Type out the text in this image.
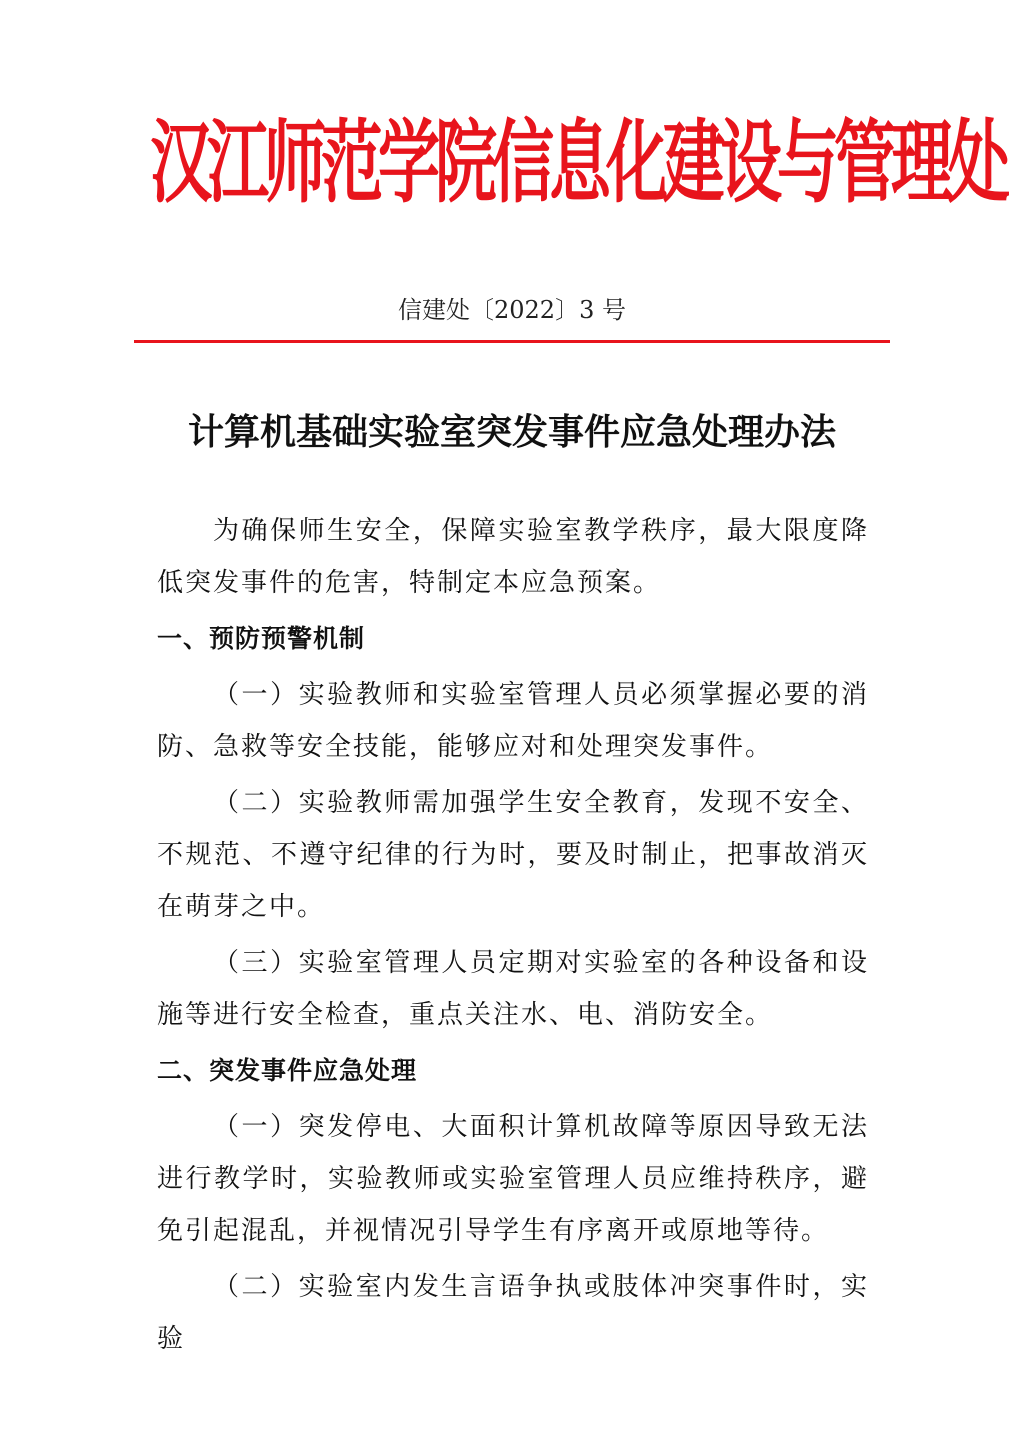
汉江师范学院信息化建设与管理处
信建处〔2022〕3 号
计算机基础实验室突发事件应急处理办法

为确保师生安全，保障实验室教学秩序，最大限度降低突发事件的危害，特制定本应急预案。

一、预防预警机制

（一）实验教师和实验室管理人员必须掌握必要的消防、急救等安全技能，能够应对和处理突发事件。

（二）实验教师需加强学生安全教育，发现不安全、不规范、不遵守纪律的行为时，要及时制止，把事故消灭在萌芽之中。

（三）实验室管理人员定期对实验室的各种设备和设施等进行安全检查，重点关注水、电、消防安全。

二、突发事件应急处理

（一）突发停电、大面积计算机故障等原因导致无法进行教学时，实验教师或实验室管理人员应维持秩序，避免引起混乱，并视情况引导学生有序离开或原地等待。

（二）实验室内发生言语争执或肢体冲突事件时，实验
